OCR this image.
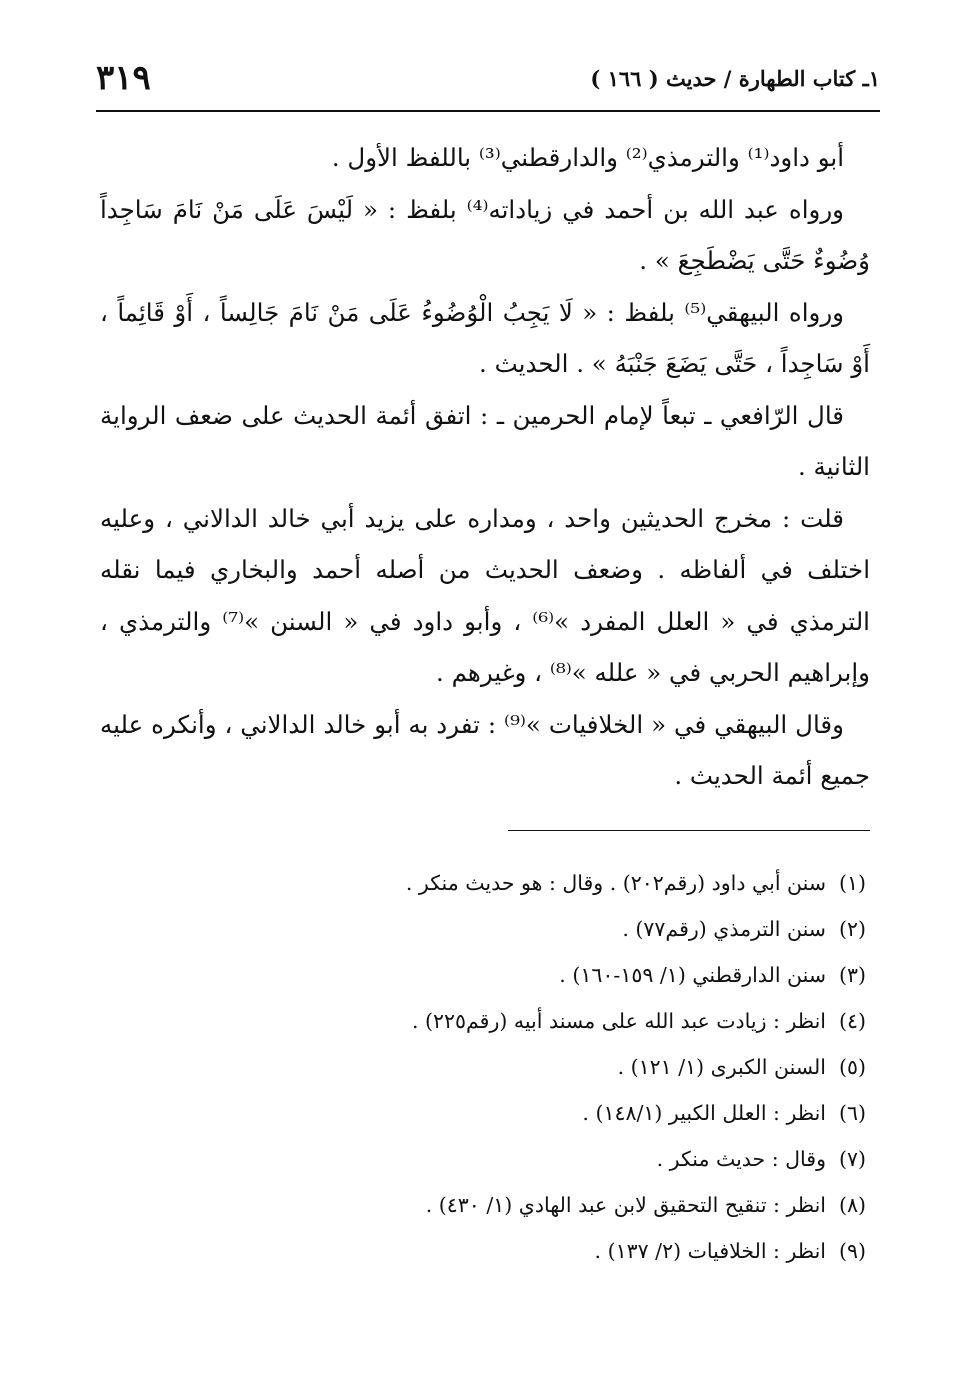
١ـ كتاب الطهارة / حديث ( ١٦٦ )
٣١٩

أبو داود⁽¹⁾ والترمذي⁽²⁾ والدارقطني⁽³⁾ باللفظ الأول .

ورواه عبد الله بن أحمد في زياداته⁽⁴⁾ بلفظ : « لَيْسَ عَلَى مَنْ نَامَ سَاجِداً وُضُوءٌ حَتَّى يَضْطَجِعَ » .

ورواه البيهقي⁽⁵⁾ بلفظ : « لَا يَجِبُ الْوُضُوءُ عَلَى مَنْ نَامَ جَالِساً ، أَوْ قَائِماً ، أَوْ سَاجِداً ، حَتَّى يَضَعَ جَنْبَهُ » . الحديث .

قال الرّافعي ـ تبعاً لإمام الحرمين ـ : اتفق أئمة الحديث على ضعف الرواية الثانية .

قلت : مخرج الحديثين واحد ، ومداره على يزيد أبي خالد الدالاني ، وعليه اختلف في ألفاظه . وضعف الحديث من أصله أحمد والبخاري فيما نقله الترمذي في « العلل المفرد »⁽⁶⁾ ، وأبو داود في « السنن »⁽⁷⁾ والترمذي ، وإبراهيم الحربي في « علله »⁽⁸⁾ ، وغيرهم .

وقال البيهقي في « الخلافيات »⁽⁹⁾ : تفرد به أبو خالد الدالاني ، وأنكره عليه جميع أئمة الحديث .

(١)سنن أبي داود (رقم٢٠٢) . وقال : هو حديث منكر .
(٢)سنن الترمذي (رقم٧٧) .
(٣)سنن الدارقطني (١/ ١٥٩-١٦٠) .
(٤)انظر : زيادت عبد الله على مسند أبيه (رقم٢٢٥) .
(٥)السنن الكبرى (١/ ١٢١) .
(٦)انظر : العلل الكبير (١٤٨/١) .
(٧)وقال : حديث منكر .
(٨)انظر : تنقيح التحقيق لابن عبد الهادي (١/ ٤٣٠) .
(٩)انظر : الخلافيات (٢/ ١٣٧) .
